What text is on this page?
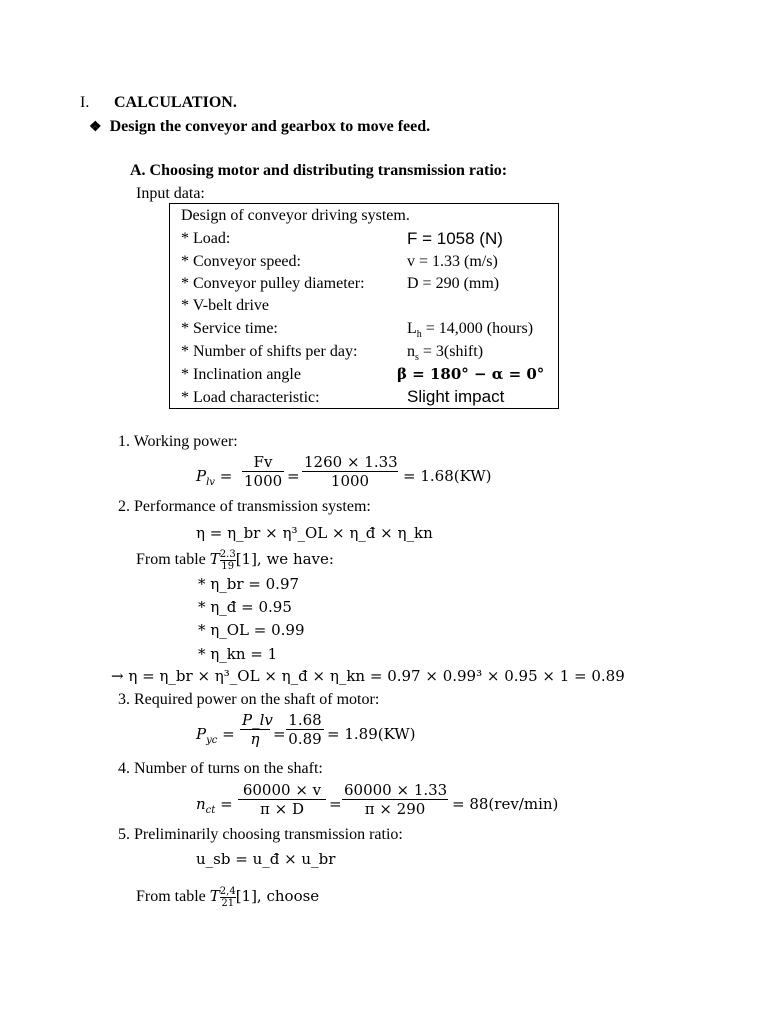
I. CALCULATION.
❖ Design the conveyor and gearbox to move feed.
A. Choosing motor and distributing transmission ratio:
Input data:
Design of conveyor driving system.
* Load:	F = 1058 (N)
* Conveyor speed:	v = 1.33 (m/s)
* Conveyor pulley diameter:	D = 290 (mm)
* V-belt drive
* Service time:	$L_h = 14,000$ (hours)
* Number of shifts per day:	$n_s$ = 3(shift)
* Inclination angle	β = 180° − α = 0°
* Load characteristic:	Slight impact
1. Working power:
$P_{lv} = \frac{Fv}{1000} = \frac{1260 \times 1.33}{1000} = 1.68(KW)$
2. Performance of transmission system:
η = η_br × η³_OL × η_đ × η_kn
From table T $\frac{2.3}{19} [1]$, we have:
* η_br = 0.97
* η_đ = 0.95
* η_OL = 0.99
* η_kn = 1
→ η = η_br × η³_OL × η_đ × η_kn = 0.97 × 0.99³ × 0.95 × 1 = 0.89
3. Required power on the shaft of motor:
$P_{yc} = \frac{P\_lv}{\eta} = \frac{1.68}{0.89} = 1.89(KW)$
4. Number of turns on the shaft:
$n_{ct} = \frac{60000 \times v}{\pi \times D} = \frac{60000 \times 1.33}{\pi \times 290} = 88(rev/\min)$
5. Preliminarily choosing transmission ratio:
u_sb = u_đ × u_br
From table T $\frac{2,4}{21} [1]$, choose
